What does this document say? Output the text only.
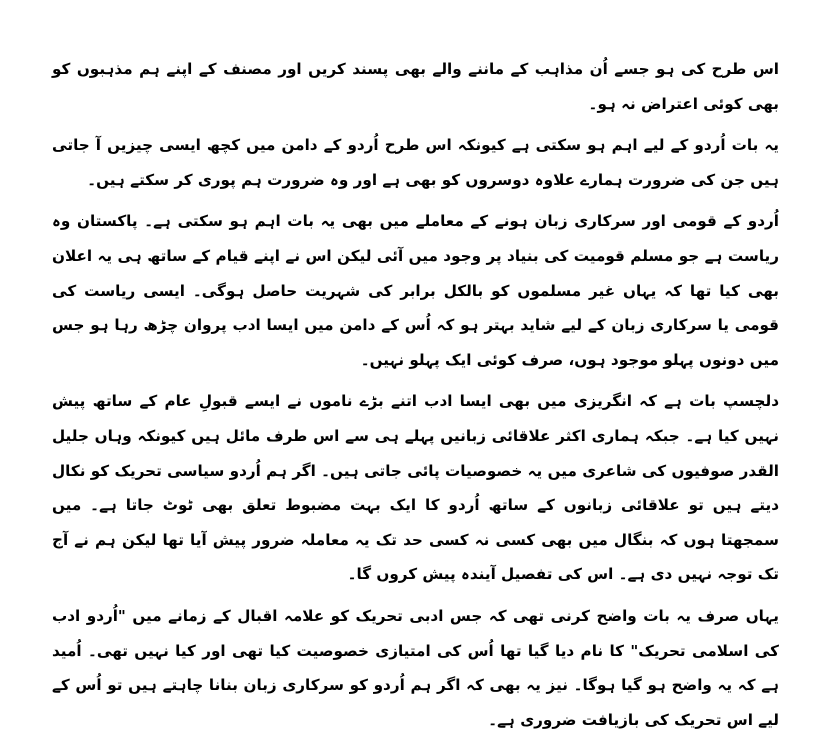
اس طرح کی ہو جسے اُن مذاہب کے ماننے والے بھی پسند کریں اور مصنف کے اپنے ہم مذہبوں کو بھی کوئی اعتراض نہ ہو۔

یہ بات اُردو کے لیے اہم ہو سکتی ہے کیونکہ اس طرح اُردو کے دامن میں کچھ ایسی چیزیں آ جاتی ہیں جن کی ضرورت ہمارے علاوہ دوسروں کو بھی ہے اور وہ ضرورت ہم پوری کر سکتے ہیں۔

اُردو کے قومی اور سرکاری زبان ہونے کے معاملے میں بھی یہ بات اہم ہو سکتی ہے۔ پاکستان وہ ریاست ہے جو مسلم قومیت کی بنیاد پر وجود میں آئی لیکن اس نے اپنے قیام کے ساتھ ہی یہ اعلان بھی کیا تھا کہ یہاں غیر مسلموں کو بالکل برابر کی شہریت حاصل ہوگی۔ ایسی ریاست کی قومی یا سرکاری زبان کے لیے شاید بہتر ہو کہ اُس کے دامن میں ایسا ادب پروان چڑھ رہا ہو جس میں دونوں پہلو موجود ہوں، صرف کوئی ایک پہلو نہیں۔

دلچسپ بات ہے کہ انگریزی میں بھی ایسا ادب اتنے بڑے ناموں نے ایسے قبولِ عام کے ساتھ پیش نہیں کیا ہے۔ جبکہ ہماری اکثر علاقائی زبانیں پہلے ہی سے اس طرف مائل ہیں کیونکہ وہاں جلیل القدر صوفیوں کی شاعری میں یہ خصوصیات پائی جاتی ہیں۔ اگر ہم اُردو سیاسی تحریک کو نکال دیتے ہیں تو علاقائی زبانوں کے ساتھ اُردو کا ایک بہت مضبوط تعلق بھی ٹوٹ جاتا ہے۔ میں سمجھتا ہوں کہ بنگال میں بھی کسی نہ کسی حد تک یہ معاملہ ضرور پیش آیا تھا لیکن ہم نے آج تک توجہ نہیں دی ہے۔ اس کی تفصیل آیندہ پیش کروں گا۔

یہاں صرف یہ بات واضح کرنی تھی کہ جس ادبی تحریک کو علامہ اقبال کے زمانے میں "اُردو ادب کی اسلامی تحریک" کا نام دیا گیا تھا اُس کی امتیازی خصوصیت کیا تھی اور کیا نہیں تھی۔ اُمید ہے کہ یہ واضح ہو گیا ہوگا۔ نیز یہ بھی کہ اگر ہم اُردو کو سرکاری زبان بنانا چاہتے ہیں تو اُس کے لیے اس تحریک کی بازیافت ضروری ہے۔
